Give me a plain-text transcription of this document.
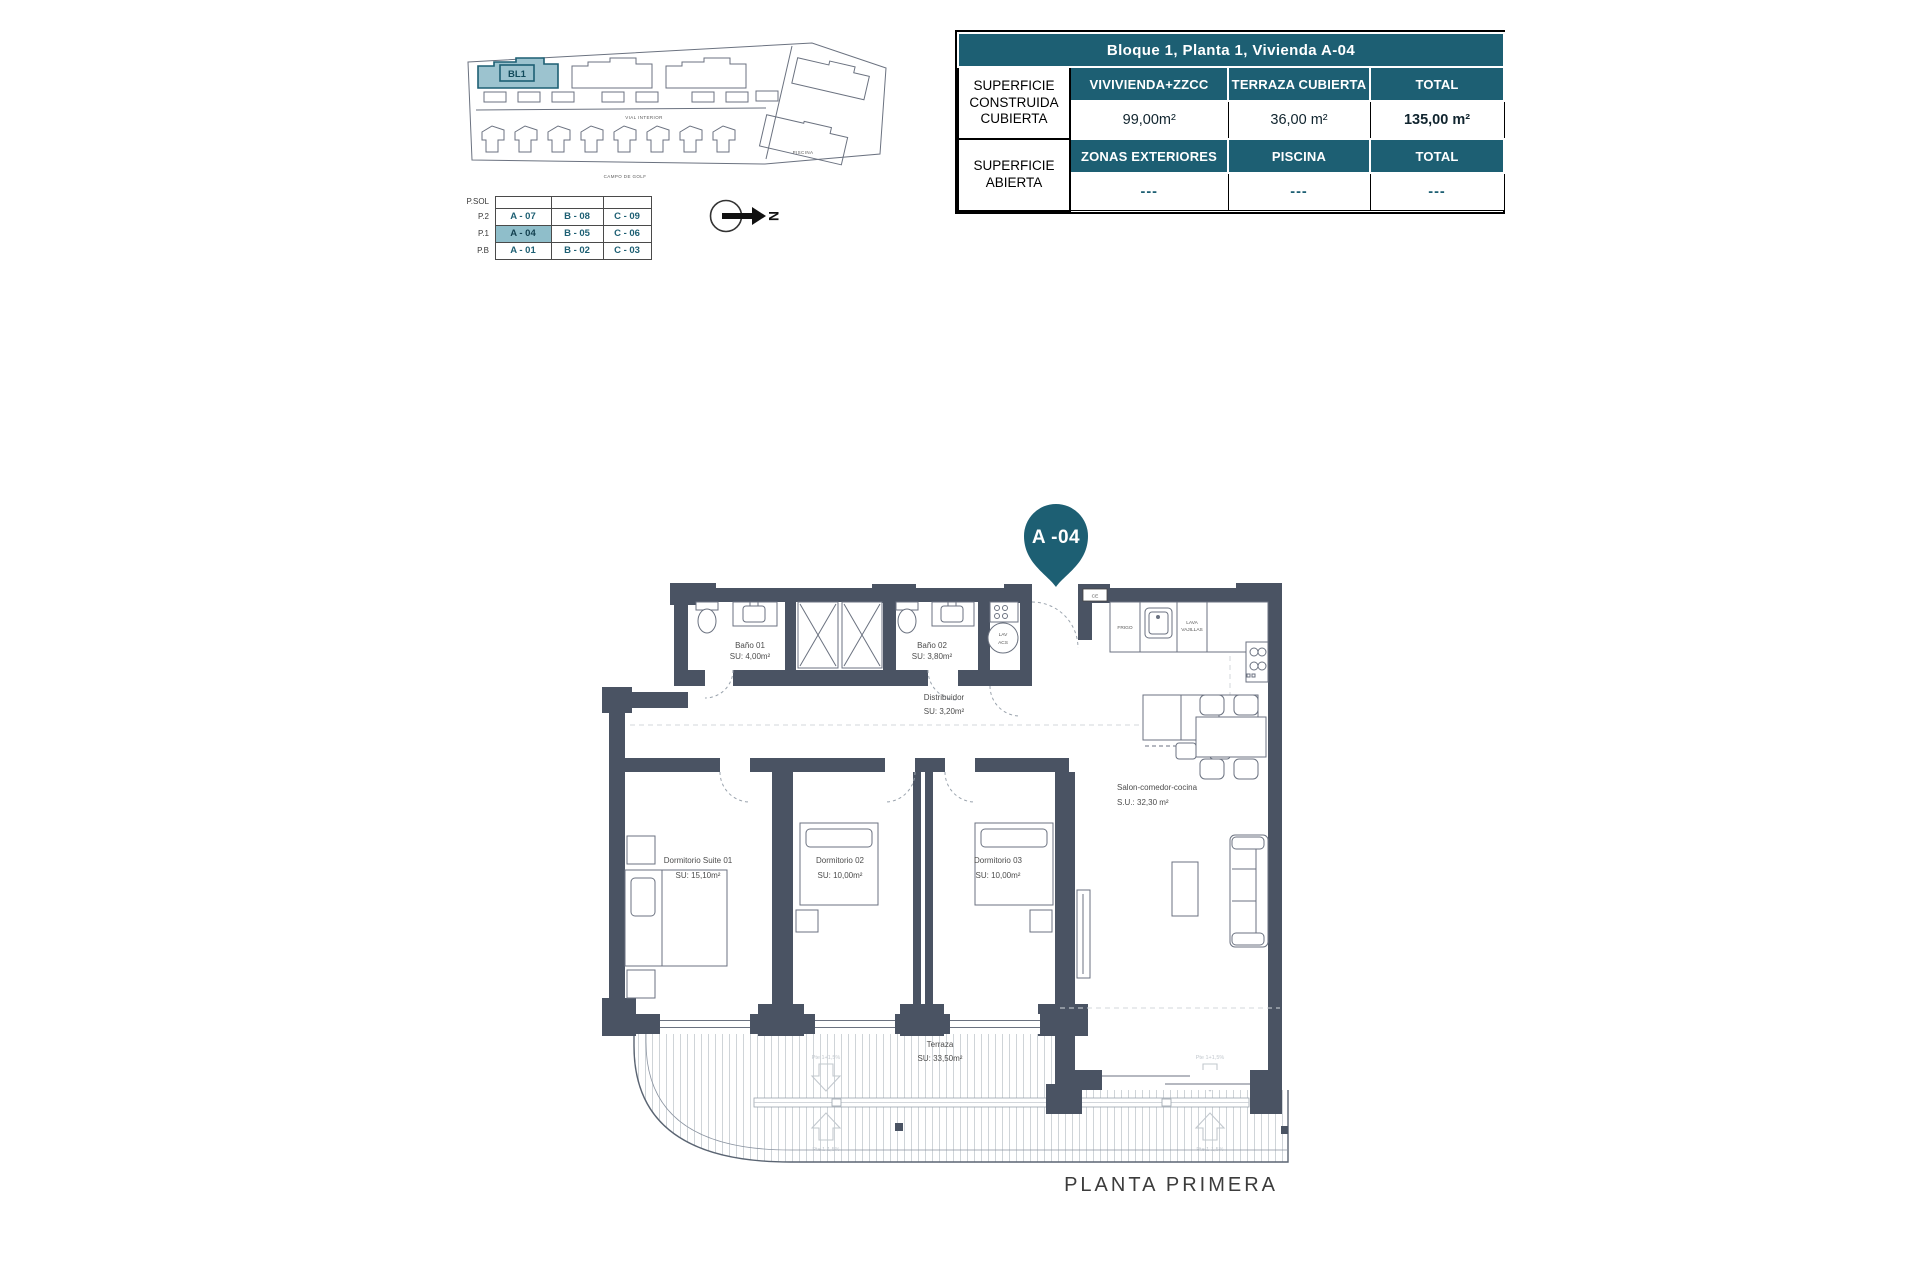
BL1
VIAL INTERIOR
CAMPO DE GOLF
PISCINA
P.SOL
P.2	A - 07	B - 08	C - 09
P.1	A - 04	B - 05	C - 06
P.B	A - 01	B - 02	C - 03
N
Bloque 1, Planta 1, Vivienda A-04			
SUPERFICIE CONSTRUIDA CUBIERTA	VIVIVIENDA+ZZCC	TERRAZA CUBIERTA	TOTAL
	99,00m²	36,00 m²	135,00 m²
SUPERFICIE ABIERTA	ZONAS EXTERIORES	PISCINA	TOTAL
	---	---	---
Pte 1+1,5%
Pte 1-1,5%
Pte 1+1,5%
Pte 1-1,5%
Terraza
SU: 33,50m²
LAV
ACS
CE
FRIGO
LAVA
VAJILLAS
Baño 01
SU: 4,00m²
Baño 02
SU: 3,80m²
Distribuidor
SU: 3,20m²
Dormitorio Suite 01
SU: 15,10m²
Dormitorio 02
SU: 10,00m²
Dormitorio 03
SU: 10,00m²
Salon-comedor-cocina
S.U.: 32,30 m²
A -04
PLANTA PRIMERA
